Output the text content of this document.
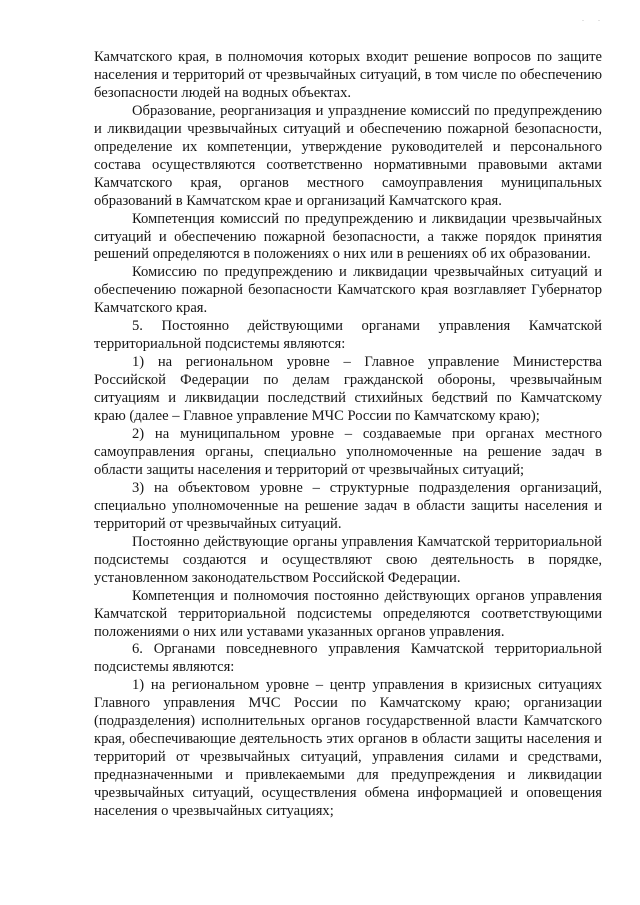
. .

Камчатского края, в полномочия которых входит решение вопросов по защите населения и территорий от чрезвычайных ситуаций, в том числе по обеспечению безопасности людей на водных объектах.

Образование, реорганизация и упразднение комиссий по предупреждению и ликвидации чрезвычайных ситуаций и обеспечению пожарной безопасности, определение их компетенции, утверждение руководителей и персонального состава осуществляются соответственно нормативными правовыми актами Камчатского края, органов местного самоуправления муниципальных образований в Камчатском крае и организаций Камчатского края.

Компетенция комиссий по предупреждению и ликвидации чрезвычайных ситуаций и обеспечению пожарной безопасности, а также порядок принятия решений определяются в положениях о них или в решениях об их образовании.

Комиссию по предупреждению и ликвидации чрезвычайных ситуаций и обеспечению пожарной безопасности Камчатского края возглавляет Губернатор Камчатского края.

5. Постоянно действующими органами управления Камчатской территориальной подсистемы являются:

1) на региональном уровне – Главное управление Министерства Российской Федерации по делам гражданской обороны, чрезвычайным ситуациям и ликвидации последствий стихийных бедствий по Камчатскому краю (далее – Главное управление МЧС России по Камчатскому краю);

2) на муниципальном уровне – создаваемые при органах местного самоуправления органы, специально уполномоченные на решение задач в области защиты населения и территорий от чрезвычайных ситуаций;

3) на объектовом уровне – структурные подразделения организаций, специально уполномоченные на решение задач в области защиты населения и территорий от чрезвычайных ситуаций.

Постоянно действующие органы управления Камчатской территориальной подсистемы создаются и осуществляют свою деятельность в порядке, установленном законодательством Российской Федерации.

Компетенция и полномочия постоянно действующих органов управления Камчатской территориальной подсистемы определяются соответствующими положениями о них или уставами указанных органов управления.

6. Органами повседневного управления Камчатской территориальной подсистемы являются:

1) на региональном уровне – центр управления в кризисных ситуациях Главного управления МЧС России по Камчатскому краю; организации (подразделения) исполнительных органов государственной власти Камчатского края, обеспечивающие деятельность этих органов в области защиты населения и территорий от чрезвычайных ситуаций, управления силами и средствами, предназначенными и привлекаемыми для предупреждения и ликвидации чрезвычайных ситуаций, осуществления обмена информацией и оповещения населения о чрезвычайных ситуациях;
